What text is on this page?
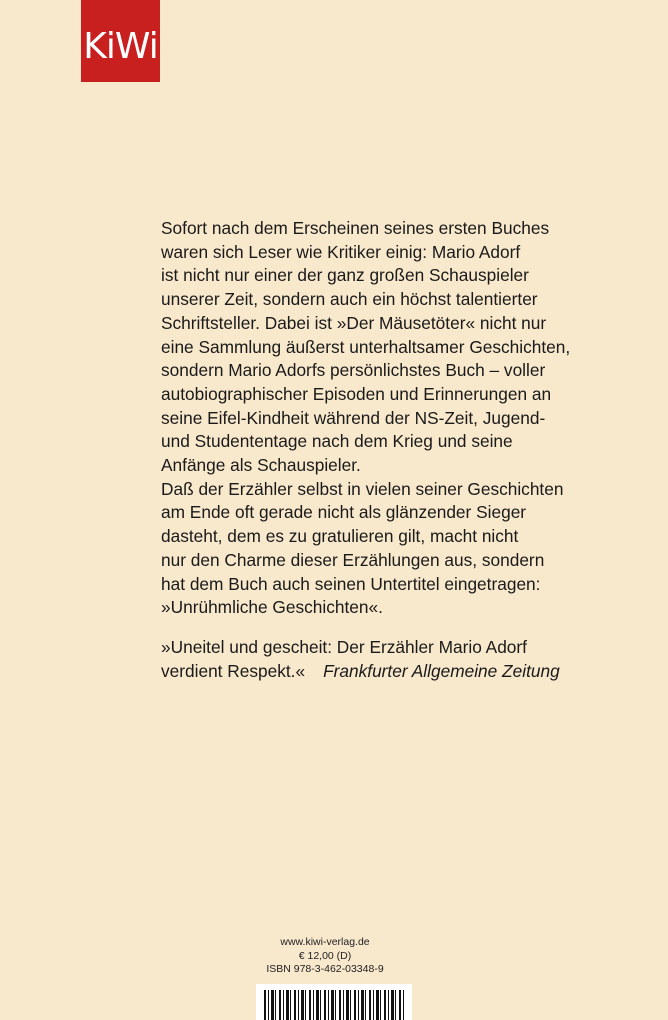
KiWi
Sofort nach dem Erscheinen seines ersten Buches
waren sich Leser wie Kritiker einig: Mario Adorf
ist nicht nur einer der ganz großen Schauspieler
unserer Zeit, sondern auch ein höchst talentierter
Schriftsteller. Dabei ist »Der Mäusetöter« nicht nur
eine Sammlung äußerst unterhaltsamer Geschichten,
sondern Mario Adorfs persönlichstes Buch – voller
autobiographischer Episoden und Erinnerungen an
seine Eifel-Kindheit während der NS-Zeit, Jugend-
und Studententage nach dem Krieg und seine
Anfänge als Schauspieler.
Daß der Erzähler selbst in vielen seiner Geschichten
am Ende oft gerade nicht als glänzender Sieger
dasteht, dem es zu gratulieren gilt, macht nicht
nur den Charme dieser Erzählungen aus, sondern
hat dem Buch auch seinen Untertitel eingetragen:
»Unrühmliche Geschichten«.
»Uneitel und gescheit: Der Erzähler Mario Adorf
verdient Respekt.« Frankfurter Allgemeine Zeitung
www.kiwi-verlag.de
€ 12,00 (D)
ISBN 978-3-462-03348-9
